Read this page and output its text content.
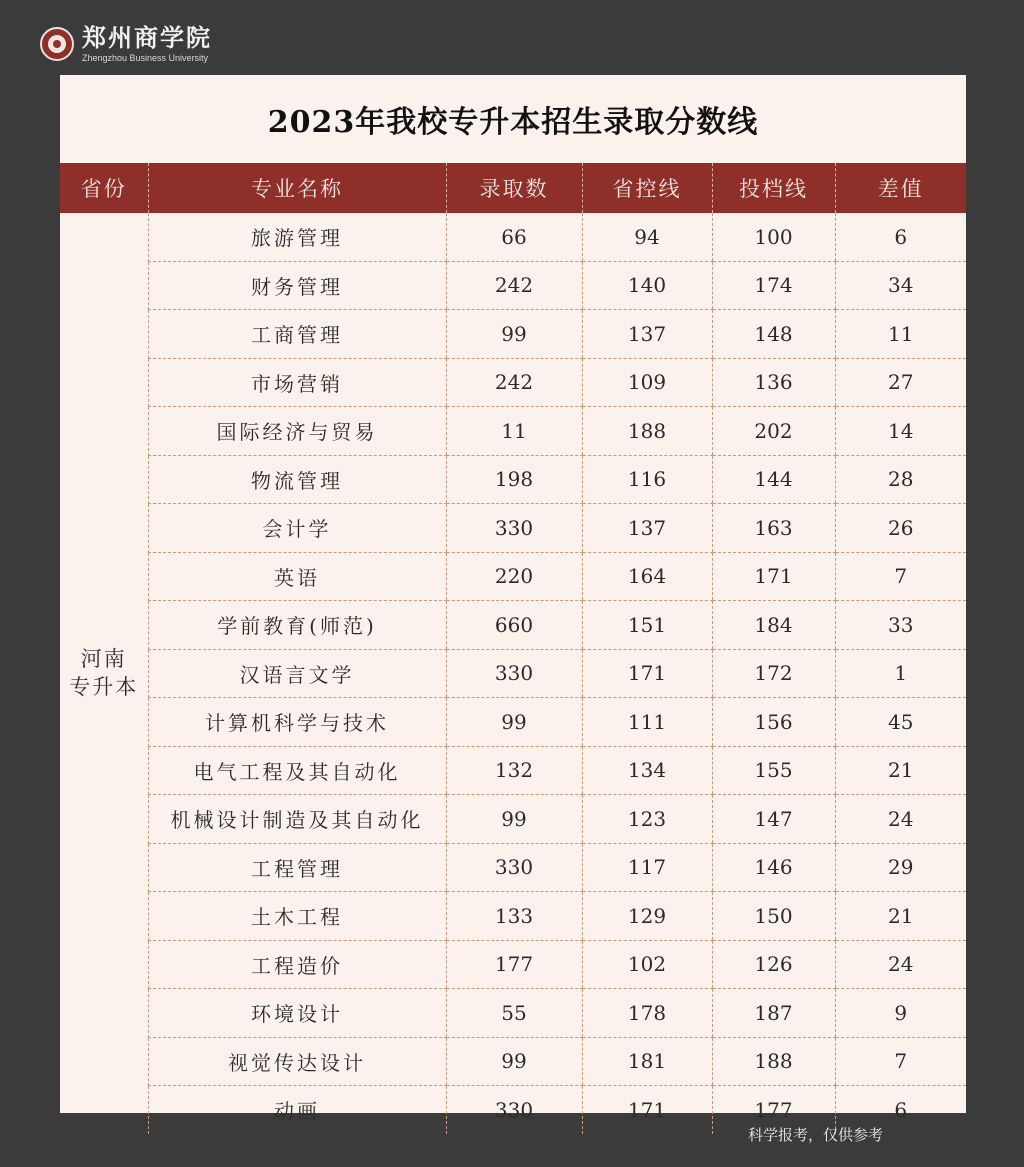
郑州商学院
Zhengzhou Business University
2023年我校专升本招生录取分数线
省份	专业名称	录取数	省控线	投档线	差值

河南
专升本	旅游管理	66	94	100	6
	财务管理	242	140	174	34
	工商管理	99	137	148	11
	市场营销	242	109	136	27
	国际经济与贸易	11	188	202	14
	物流管理	198	116	144	28
	会计学	330	137	163	26
	英语	220	164	171	7
	学前教育(师范)	660	151	184	33
	汉语言文学	330	171	172	1
	计算机科学与技术	99	111	156	45
	电气工程及其自动化	132	134	155	21
	机械设计制造及其自动化	99	123	147	24
	工程管理	330	117	146	29
	土木工程	133	129	150	21
	工程造价	177	102	126	24
	环境设计	55	178	187	9
	视觉传达设计	99	181	188	7
	动画	330	171	177	6
科学报考，仅供参考
